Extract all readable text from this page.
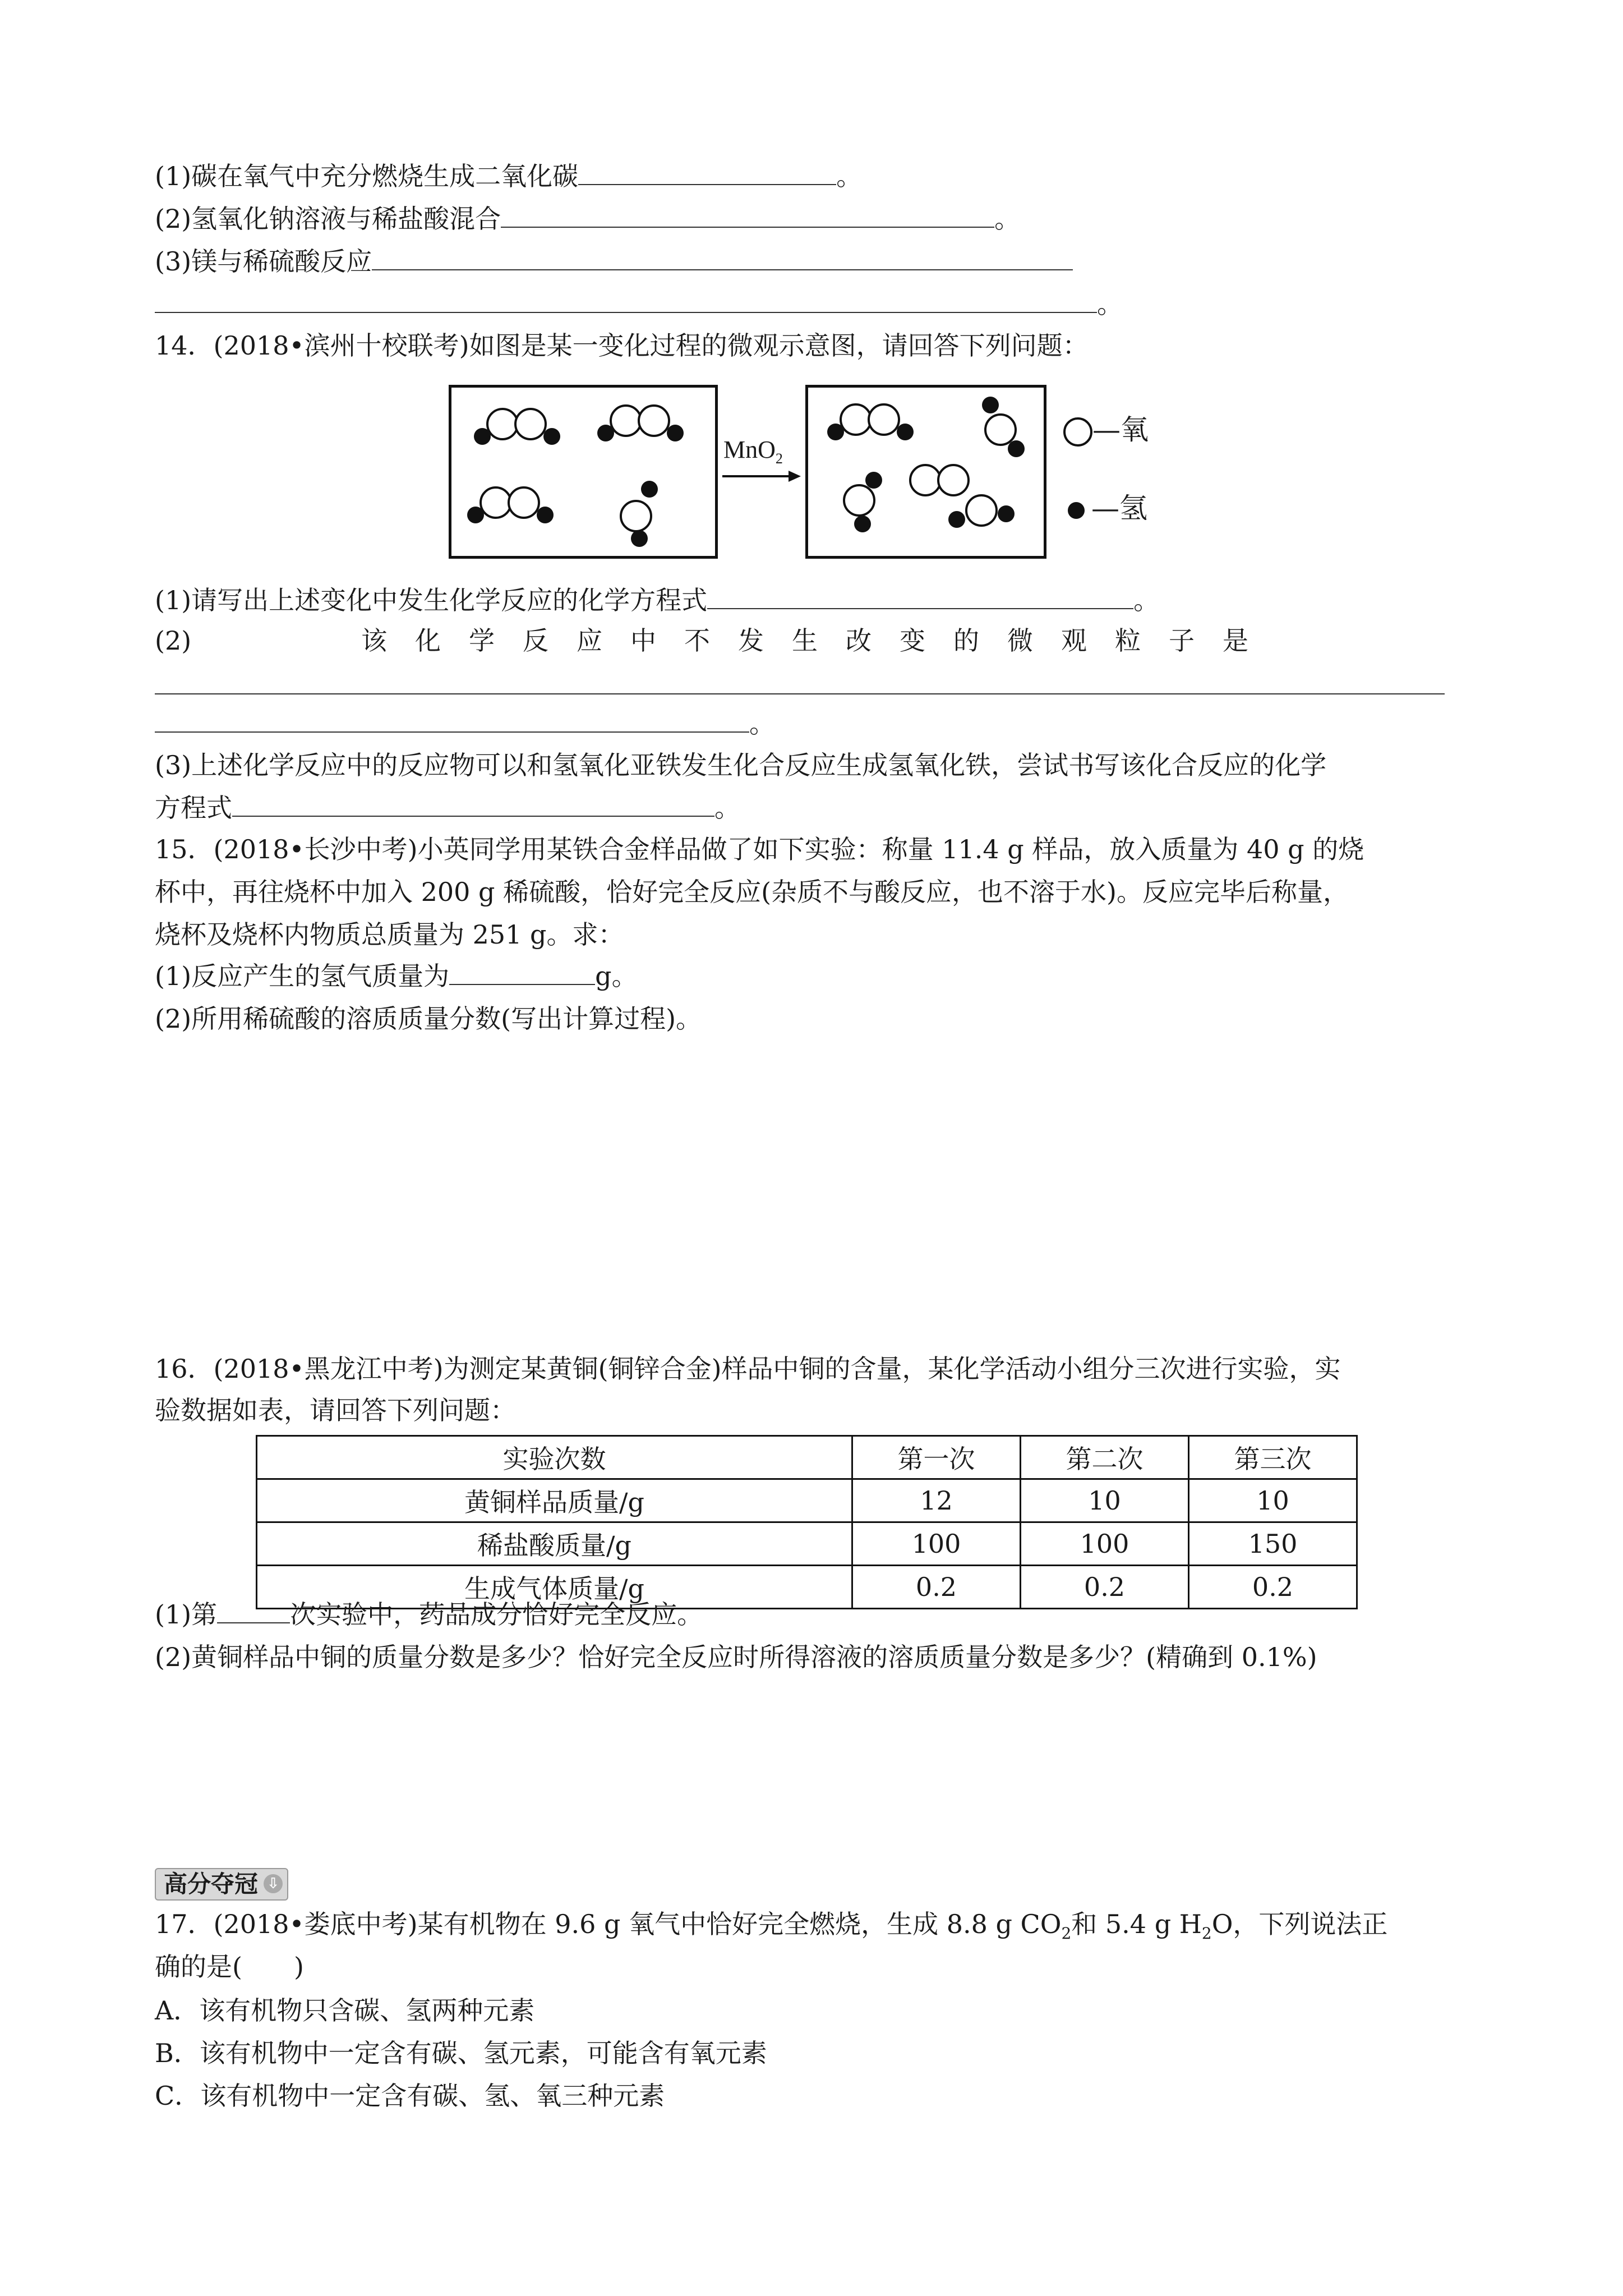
(1)碳在氧气中充分燃烧生成二氧化碳	。
(2)氢氧化钠溶液与稀盐酸混合	。
(3)镁与稀硫酸反应
。
14．(2018•滨州十校联考)如图是某一变化过程的微观示意图，请回答下列问题：
MnO$_2$
—氧
—氢
(1)请写出上述变化中发生化学反应的化学方程式	。
(2)	该化学反应中不发生改变的微观粒子是
。
(3)上述化学反应中的反应物可以和氢氧化亚铁发生化合反应生成氢氧化铁，尝试书写该化合反应的化学
方程式	。
15．(2018•长沙中考)小英同学用某铁合金样品做了如下实验：称量 11.4 g 样品，放入质量为 40 g 的烧
杯中，再往烧杯中加入 200 g 稀硫酸，恰好完全反应(杂质不与酸反应，也不溶于水)。反应完毕后称量，
烧杯及烧杯内物质总质量为 251 g。求：
(1)反应产生的氢气质量为	g。
(2)所用稀硫酸的溶质质量分数(写出计算过程)。
16．(2018•黑龙江中考)为测定某黄铜(铜锌合金)样品中铜的含量，某化学活动小组分三次进行实验，实
验数据如表，请回答下列问题：
实验次数	第一次	第二次	第三次
黄铜样品质量/g	12	10	10
稀盐酸质量/g	100	100	150
生成气体质量/g	0.2	0.2	0.2
(1)第	次实验中，药品成分恰好完全反应。
(2)黄铜样品中铜的质量分数是多少？恰好完全反应时所得溶液的溶质质量分数是多少？(精确到 0.1%)
高分夺冠 ⇩
17．(2018•娄底中考)某有机物在 9.6 g 氧气中恰好完全燃烧，生成 8.8 g $CO_2$和 5.4 g $H_2O$，下列说法正
确的是(　　)
A．该有机物只含碳、氢两种元素
B．该有机物中一定含有碳、氢元素，可能含有氧元素
C．该有机物中一定含有碳、氢、氧三种元素
